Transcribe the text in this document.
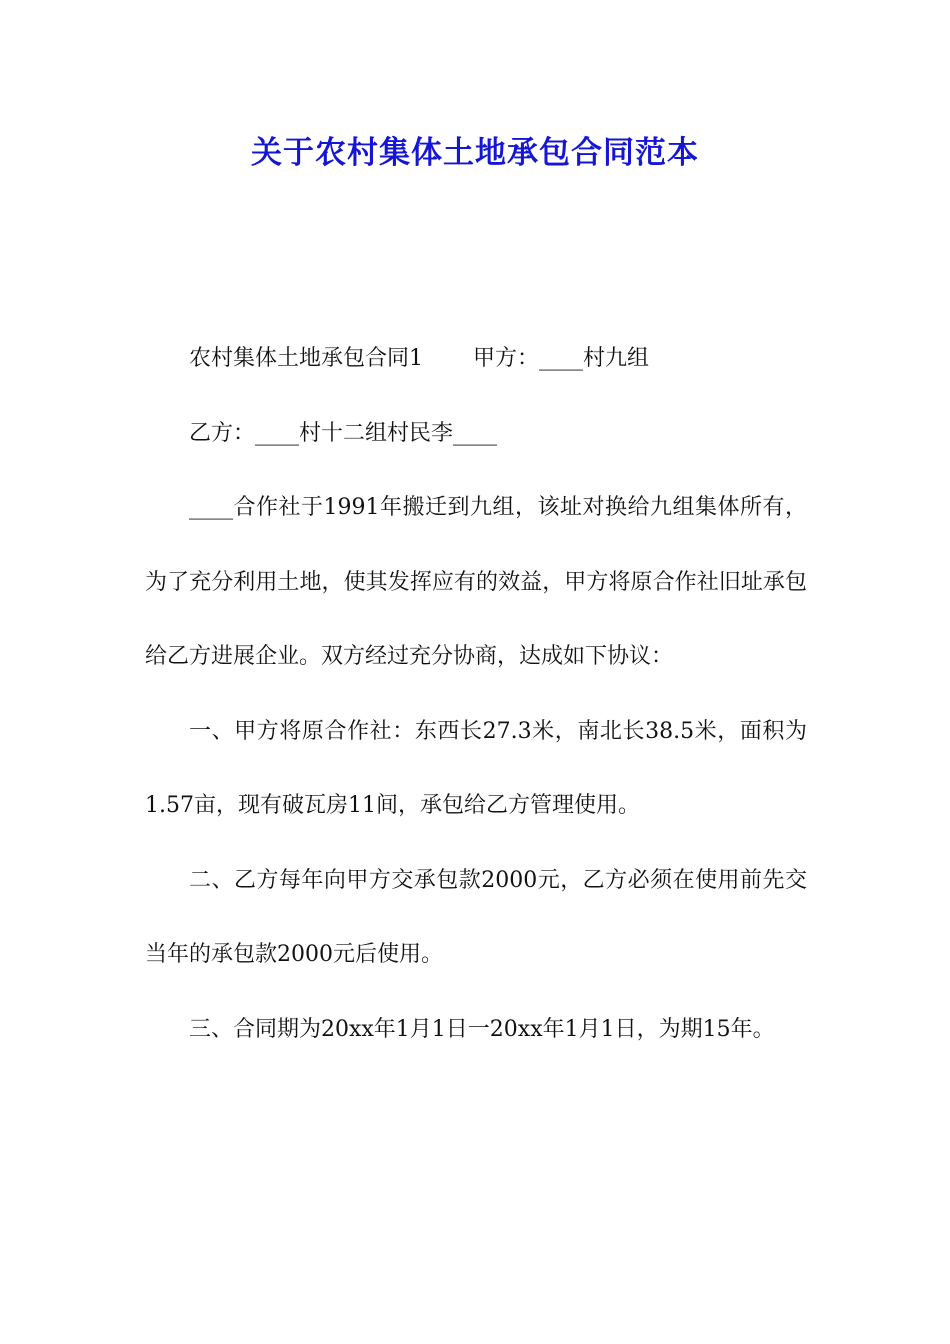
关于农村集体土地承包合同范本

农村集体土地承包合同1 甲方：____村九组

乙方：____村十二组村民李____

____合作社于1991年搬迁到九组，该址对换给九组集体所有，为了充分利用土地，使其发挥应有的效益，甲方将原合作社旧址承包给乙方进展企业。双方经过充分协商，达成如下协议：

一、甲方将原合作社：东西长27.3米，南北长38.5米，面积为1.57亩，现有破瓦房11间，承包给乙方管理使用。

二、乙方每年向甲方交承包款2000元，乙方必须在使用前先交当年的承包款2000元后使用。

三、合同期为20xx年1月1日一20xx年1月1日，为期15年。
